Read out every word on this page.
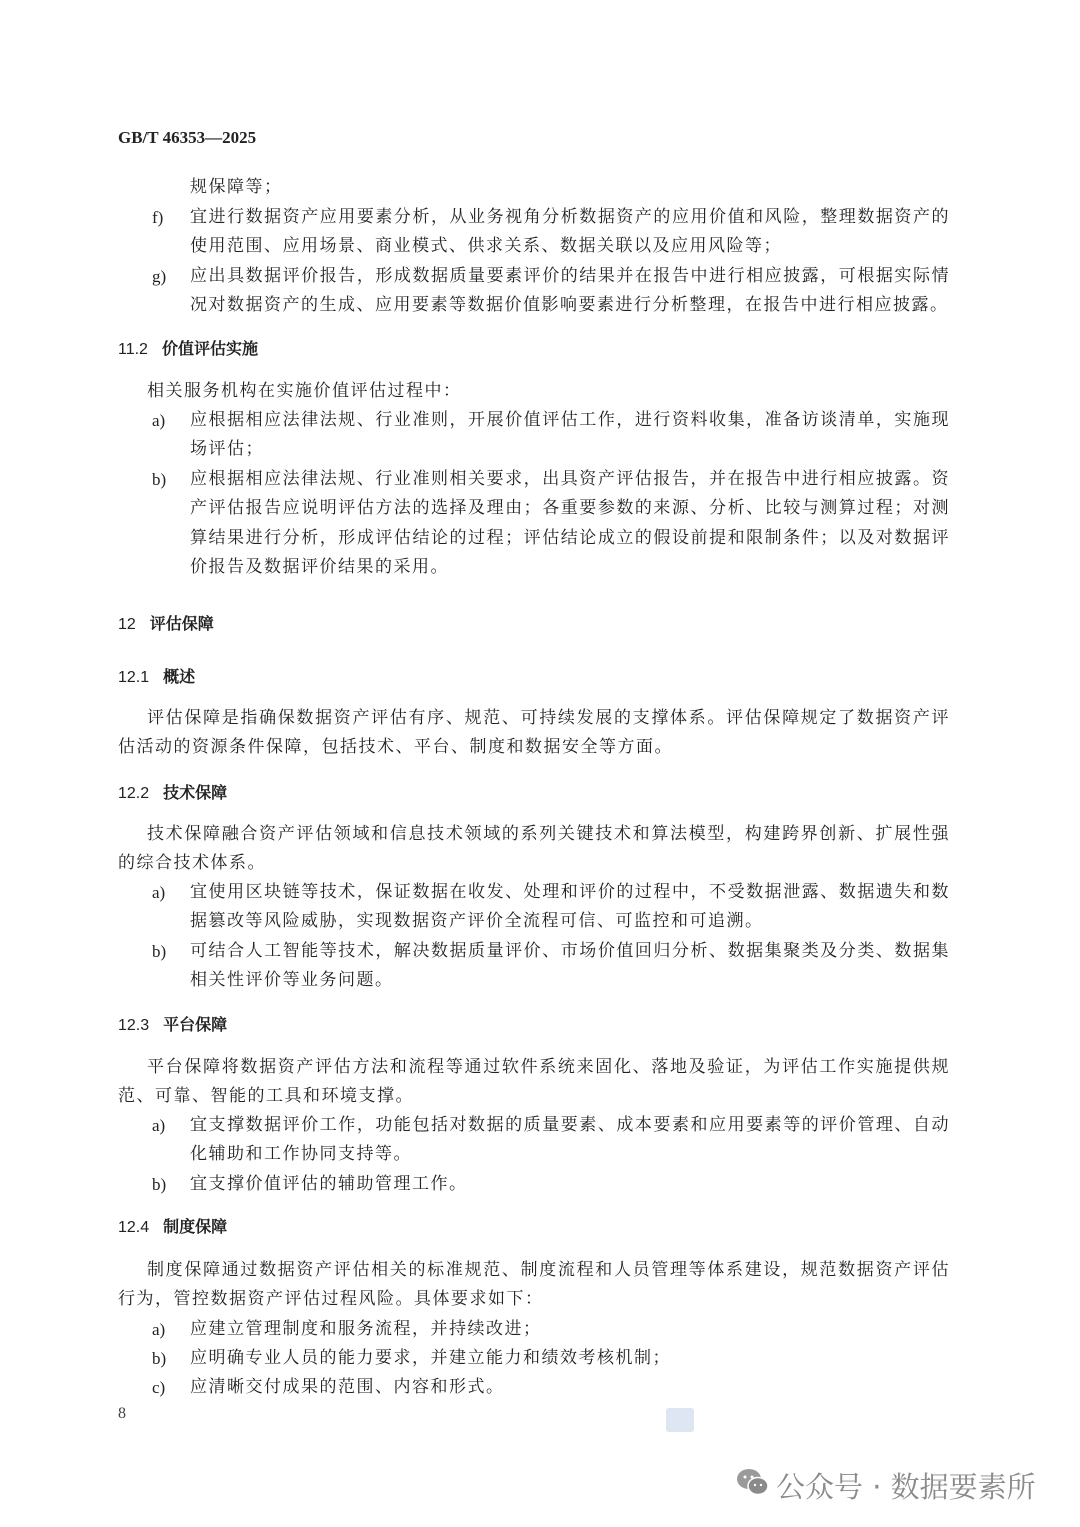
GB/T 46353—2025
规保障等；
f) 宜进行数据资产应用要素分析，从业务视角分析数据资产的应用价值和风险，整理数据资产的使用范围、应用场景、商业模式、供求关系、数据关联以及应用风险等；
g) 应出具数据评价报告，形成数据质量要素评价的结果并在报告中进行相应披露，可根据实际情况对数据资产的生成、应用要素等数据价值影响要素进行分析整理，在报告中进行相应披露。
11.2 价值评估实施
相关服务机构在实施价值评估过程中：
a) 应根据相应法律法规、行业准则，开展价值评估工作，进行资料收集，准备访谈清单，实施现场评估；
b) 应根据相应法律法规、行业准则相关要求，出具资产评估报告，并在报告中进行相应披露。资产评估报告应说明评估方法的选择及理由；各重要参数的来源、分析、比较与测算过程；对测算结果进行分析，形成评估结论的过程；评估结论成立的假设前提和限制条件；以及对数据评价报告及数据评价结果的采用。
12 评估保障
12.1 概述
评估保障是指确保数据资产评估有序、规范、可持续发展的支撑体系。评估保障规定了数据资产评估活动的资源条件保障，包括技术、平台、制度和数据安全等方面。
12.2 技术保障
技术保障融合资产评估领域和信息技术领域的系列关键技术和算法模型，构建跨界创新、扩展性强的综合技术体系。
a) 宜使用区块链等技术，保证数据在收发、处理和评价的过程中，不受数据泄露、数据遗失和数据篡改等风险威胁，实现数据资产评价全流程可信、可监控和可追溯。
b) 可结合人工智能等技术，解决数据质量评价、市场价值回归分析、数据集聚类及分类、数据集相关性评价等业务问题。
12.3 平台保障
平台保障将数据资产评估方法和流程等通过软件系统来固化、落地及验证，为评估工作实施提供规范、可靠、智能的工具和环境支撑。
a) 宜支撑数据评价工作，功能包括对数据的质量要素、成本要素和应用要素等的评价管理、自动化辅助和工作协同支持等。
b) 宜支撑价值评估的辅助管理工作。
12.4 制度保障
制度保障通过数据资产评估相关的标准规范、制度流程和人员管理等体系建设，规范数据资产评估行为，管控数据资产评估过程风险。具体要求如下：
a) 应建立管理制度和服务流程，并持续改进；
b) 应明确专业人员的能力要求，并建立能力和绩效考核机制；
c) 应清晰交付成果的范围、内容和形式。
8
公众号 · 数据要素所
